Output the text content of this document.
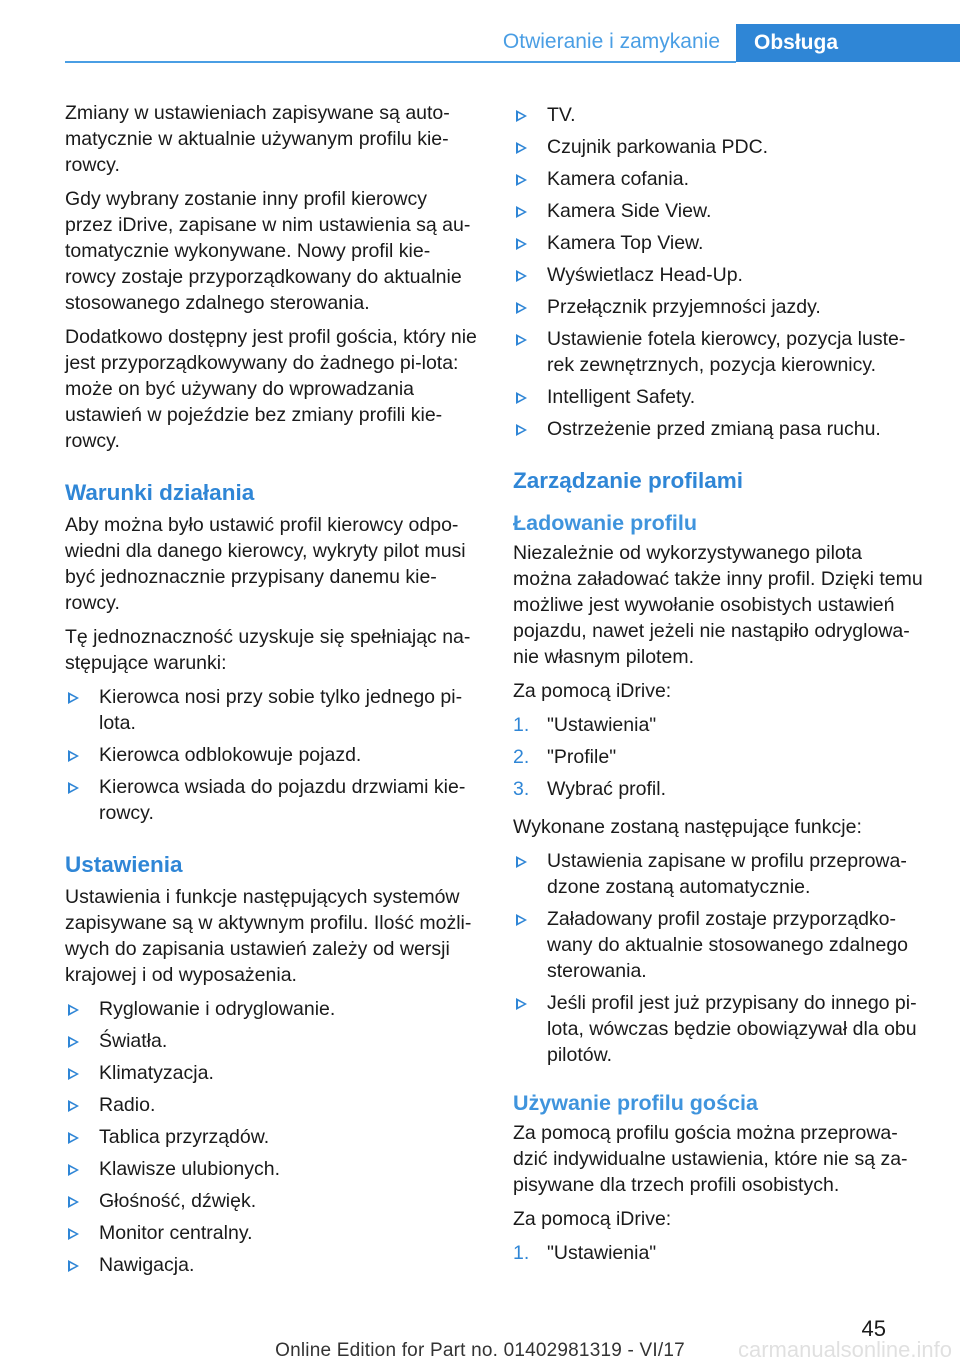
Otwieranie i zamykanie	Obsługa

Zmiany w ustawieniach zapisywane są auto-matycznie w aktualnie używanym profilu kie-rowcy.

Gdy wybrany zostanie inny profil kierowcy przez iDrive, zapisane w nim ustawienia są au-tomatycznie wykonywane. Nowy profil kie-rowcy zostaje przyporządkowany do aktualnie stosowanego zdalnego sterowania.

Dodatkowo dostępny jest profil gościa, który nie jest przyporządkowywany do żadnego pi-lota: może on być używany do wprowadzania ustawień w pojeździe bez zmiany profili kie-rowcy.

Warunki działania

Aby można było ustawić profil kierowcy odpo-wiedni dla danego kierowcy, wykryty pilot musi być jednoznacznie przypisany danemu kie-rowcy.

Tę jednoznaczność uzyskuje się spełniając na-stępujące warunki:

Kierowca nosi przy sobie tylko jednego pi-lota.
Kierowca odblokowuje pojazd.
Kierowca wsiada do pojazdu drzwiami kie-rowcy.
Ustawienia

Ustawienia i funkcje następujących systemów zapisywane są w aktywnym profilu. Ilość możli-wych do zapisania ustawień zależy od wersji krajowej i od wyposażenia.

Ryglowanie i odryglowanie.
Światła.
Klimatyzacja.
Radio.
Tablica przyrządów.
Klawisze ulubionych.
Głośność, dźwięk.
Monitor centralny.
Nawigacja.
TV.
Czujnik parkowania PDC.
Kamera cofania.
Kamera Side View.
Kamera Top View.
Wyświetlacz Head-Up.
Przełącznik przyjemności jazdy.
Ustawienie fotela kierowcy, pozycja luste-rek zewnętrznych, pozycja kierownicy.
Intelligent Safety.
Ostrzeżenie przed zmianą pasa ruchu.
Zarządzanie profilami
Ładowanie profilu

Niezależnie od wykorzystywanego pilota można załadować także inny profil. Dzięki temu możliwe jest wywołanie osobistych ustawień pojazdu, nawet jeżeli nie nastąpiło odryglowa-nie własnym pilotem.

Za pomocą iDrive:

1. "Ustawienia"
2. "Profile"
3. Wybrać profil.

Wykonane zostaną następujące funkcje:

Ustawienia zapisane w profilu przeprowa-dzone zostaną automatycznie.
Załadowany profil zostaje przyporządko-wany do aktualnie stosowanego zdalnego sterowania.
Jeśli profil jest już przypisany do innego pi-lota, wówczas będzie obowiązywał dla obu pilotów.
Używanie profilu gościa

Za pomocą profilu gościa można przeprowa-dzić indywidualne ustawienia, które nie są za-pisywane dla trzech profili osobistych.

Za pomocą iDrive:

1. "Ustawienia"
45
carmanualsonline.info
Online Edition for Part no. 01402981319 - VI/17
